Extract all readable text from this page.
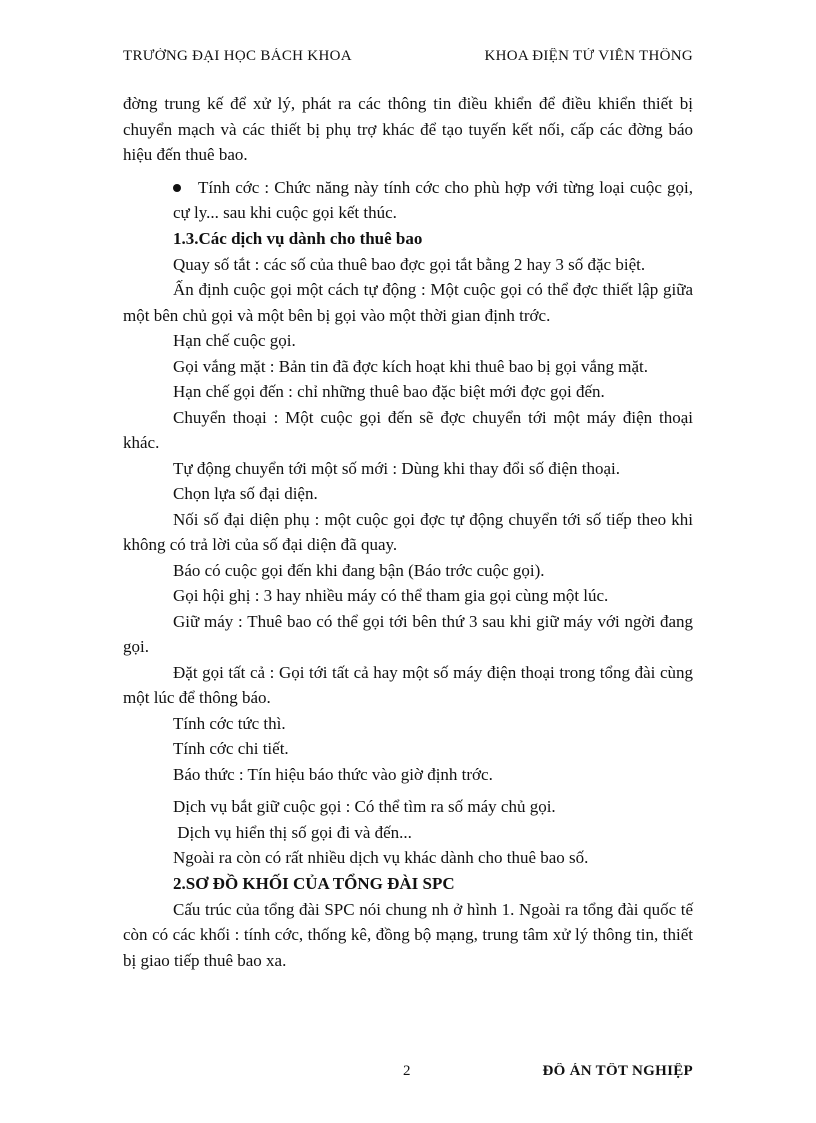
TRƯỜNG ĐẠI HỌC BÁCH KHOA	KHOA ĐIỆN TỬ VIỄN THÔNG

đờng trung kế để xử lý, phát ra các thông tin điều khiển để điều khiển thiết bị chuyển mạch và các thiết bị phụ trợ khác để tạo tuyến kết nối, cấp các đờng báo hiệu đến thuê bao.

Tính cớc : Chức năng này tính cớc cho phù hợp với từng loại cuộc gọi, cự ly... sau khi cuộc gọi kết thúc.

1.3.Các dịch vụ dành cho thuê bao

Quay số tắt : các số của thuê bao đợc gọi tắt bằng 2 hay 3 số đặc biệt.

Ấn định cuộc gọi một cách tự động : Một cuộc gọi có thể đợc thiết lập giữa một bên chủ gọi và một bên bị gọi vào một thời gian định trớc.

Hạn chế cuộc gọi.

Gọi vắng mặt : Bản tin đã đợc kích hoạt khi thuê bao bị gọi vắng mặt.

Hạn chế gọi đến : chỉ những thuê bao đặc biệt mới đợc gọi đến.

Chuyển thoại : Một cuộc gọi đến sẽ đợc chuyển tới một máy điện thoại khác.

Tự động chuyển tới một số mới : Dùng khi thay đổi số điện thoại.

Chọn lựa số đại diện.

Nối số đại diện phụ : một cuộc gọi đợc tự động chuyển tới số tiếp theo khi không có trả lời của số đại diện đã quay.

Báo có cuộc gọi đến khi đang bận (Báo trớc cuộc gọi).

Gọi hội ghị : 3 hay nhiều máy có thể tham gia gọi cùng một lúc.

Giữ máy : Thuê bao có thể gọi tới bên thứ 3 sau khi giữ máy với ngời đang gọi.

Đặt gọi tất cả : Gọi tới tất cả hay một số máy điện thoại trong tổng đài cùng một lúc để thông báo.

Tính cớc tức thì.

Tính cớc chi tiết.

Báo thức : Tín hiệu báo thức vào giờ định trớc.

Dịch vụ bắt giữ cuộc gọi : Có thể tìm ra số máy chủ gọi.

Dịch vụ hiển thị số gọi đi và đến...

Ngoài ra còn có rất nhiều dịch vụ khác dành cho thuê bao số.

2.SƠ ĐỒ KHỐI CỦA TỔNG ĐÀI SPC

Cấu trúc của tổng đài SPC nói chung nh ở hình 1. Ngoài ra tổng đài quốc tế còn có các khối : tính cớc, thống kê, đồng bộ mạng, trung tâm xử lý thông tin, thiết bị giao tiếp thuê bao xa.

2	ĐỒ ÁN TỐT NGHIỆP
